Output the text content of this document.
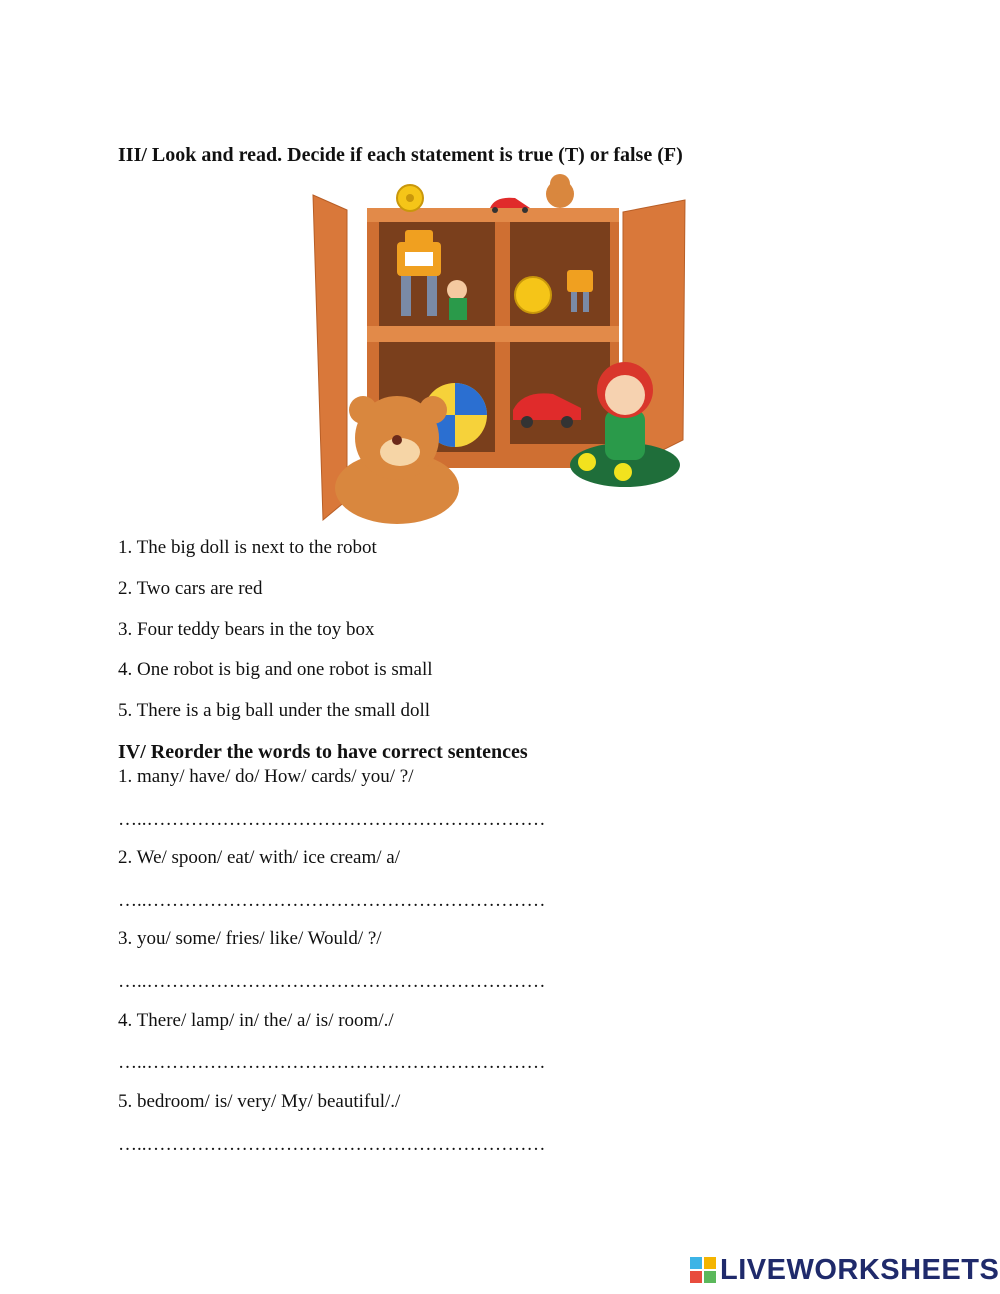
III/ Look and read. Decide if each statement is true (T) or false (F)
1. The big doll is next to the robot
2. Two cars are red
3. Four teddy bears in the toy box
4. One robot is big and one robot is small
5. There is a big ball under the small doll
IV/ Reorder the words to have correct sentences
1. many/ have/ do/ How/ cards/ you/ ?/
…..………………………………………………………
2. We/ spoon/ eat/ with/ ice cream/ a/
…..………………………………………………………
3. you/ some/ fries/ like/ Would/ ?/
…..………………………………………………………
4. There/ lamp/ in/ the/ a/ is/ room/./
…..………………………………………………………
5. bedroom/ is/ very/ My/ beautiful/./
…..………………………………………………………
LIVEWORKSHEETS
